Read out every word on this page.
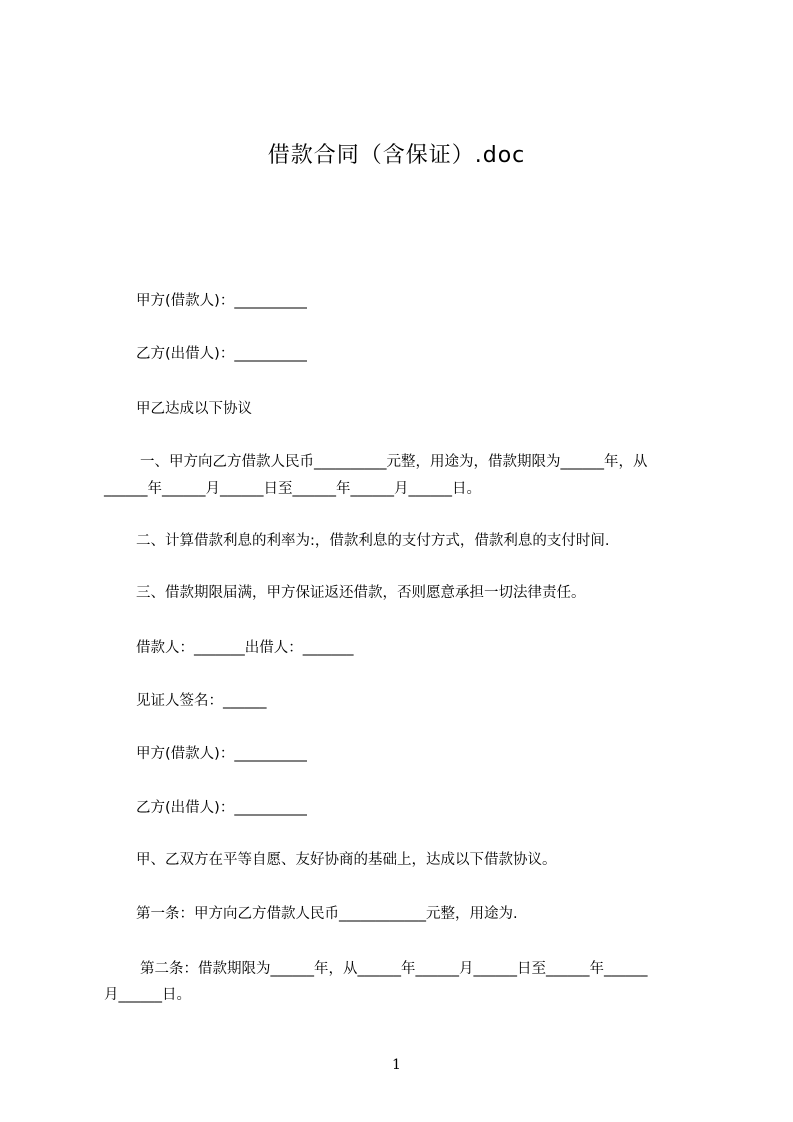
借款合同（含保证）.doc
甲方(借款人)：__________
乙方(出借人)：__________
甲乙达成以下协议
一、甲方向乙方借款人民币__________元整，用途为，借款期限为______年，从
______年______月______日至______年______月______日。
二、计算借款利息的利率为:，借款利息的支付方式，借款利息的支付时间.
三、借款期限届满，甲方保证返还借款，否则愿意承担一切法律责任。
借款人：_______出借人：_______
见证人签名：______
甲方(借款人)：__________
乙方(出借人)：__________
甲、乙双方在平等自愿、友好协商的基础上，达成以下借款协议。
第一条：甲方向乙方借款人民币____________元整，用途为.
第二条：借款期限为______年，从______年______月______日至______年______
月______日。
1
